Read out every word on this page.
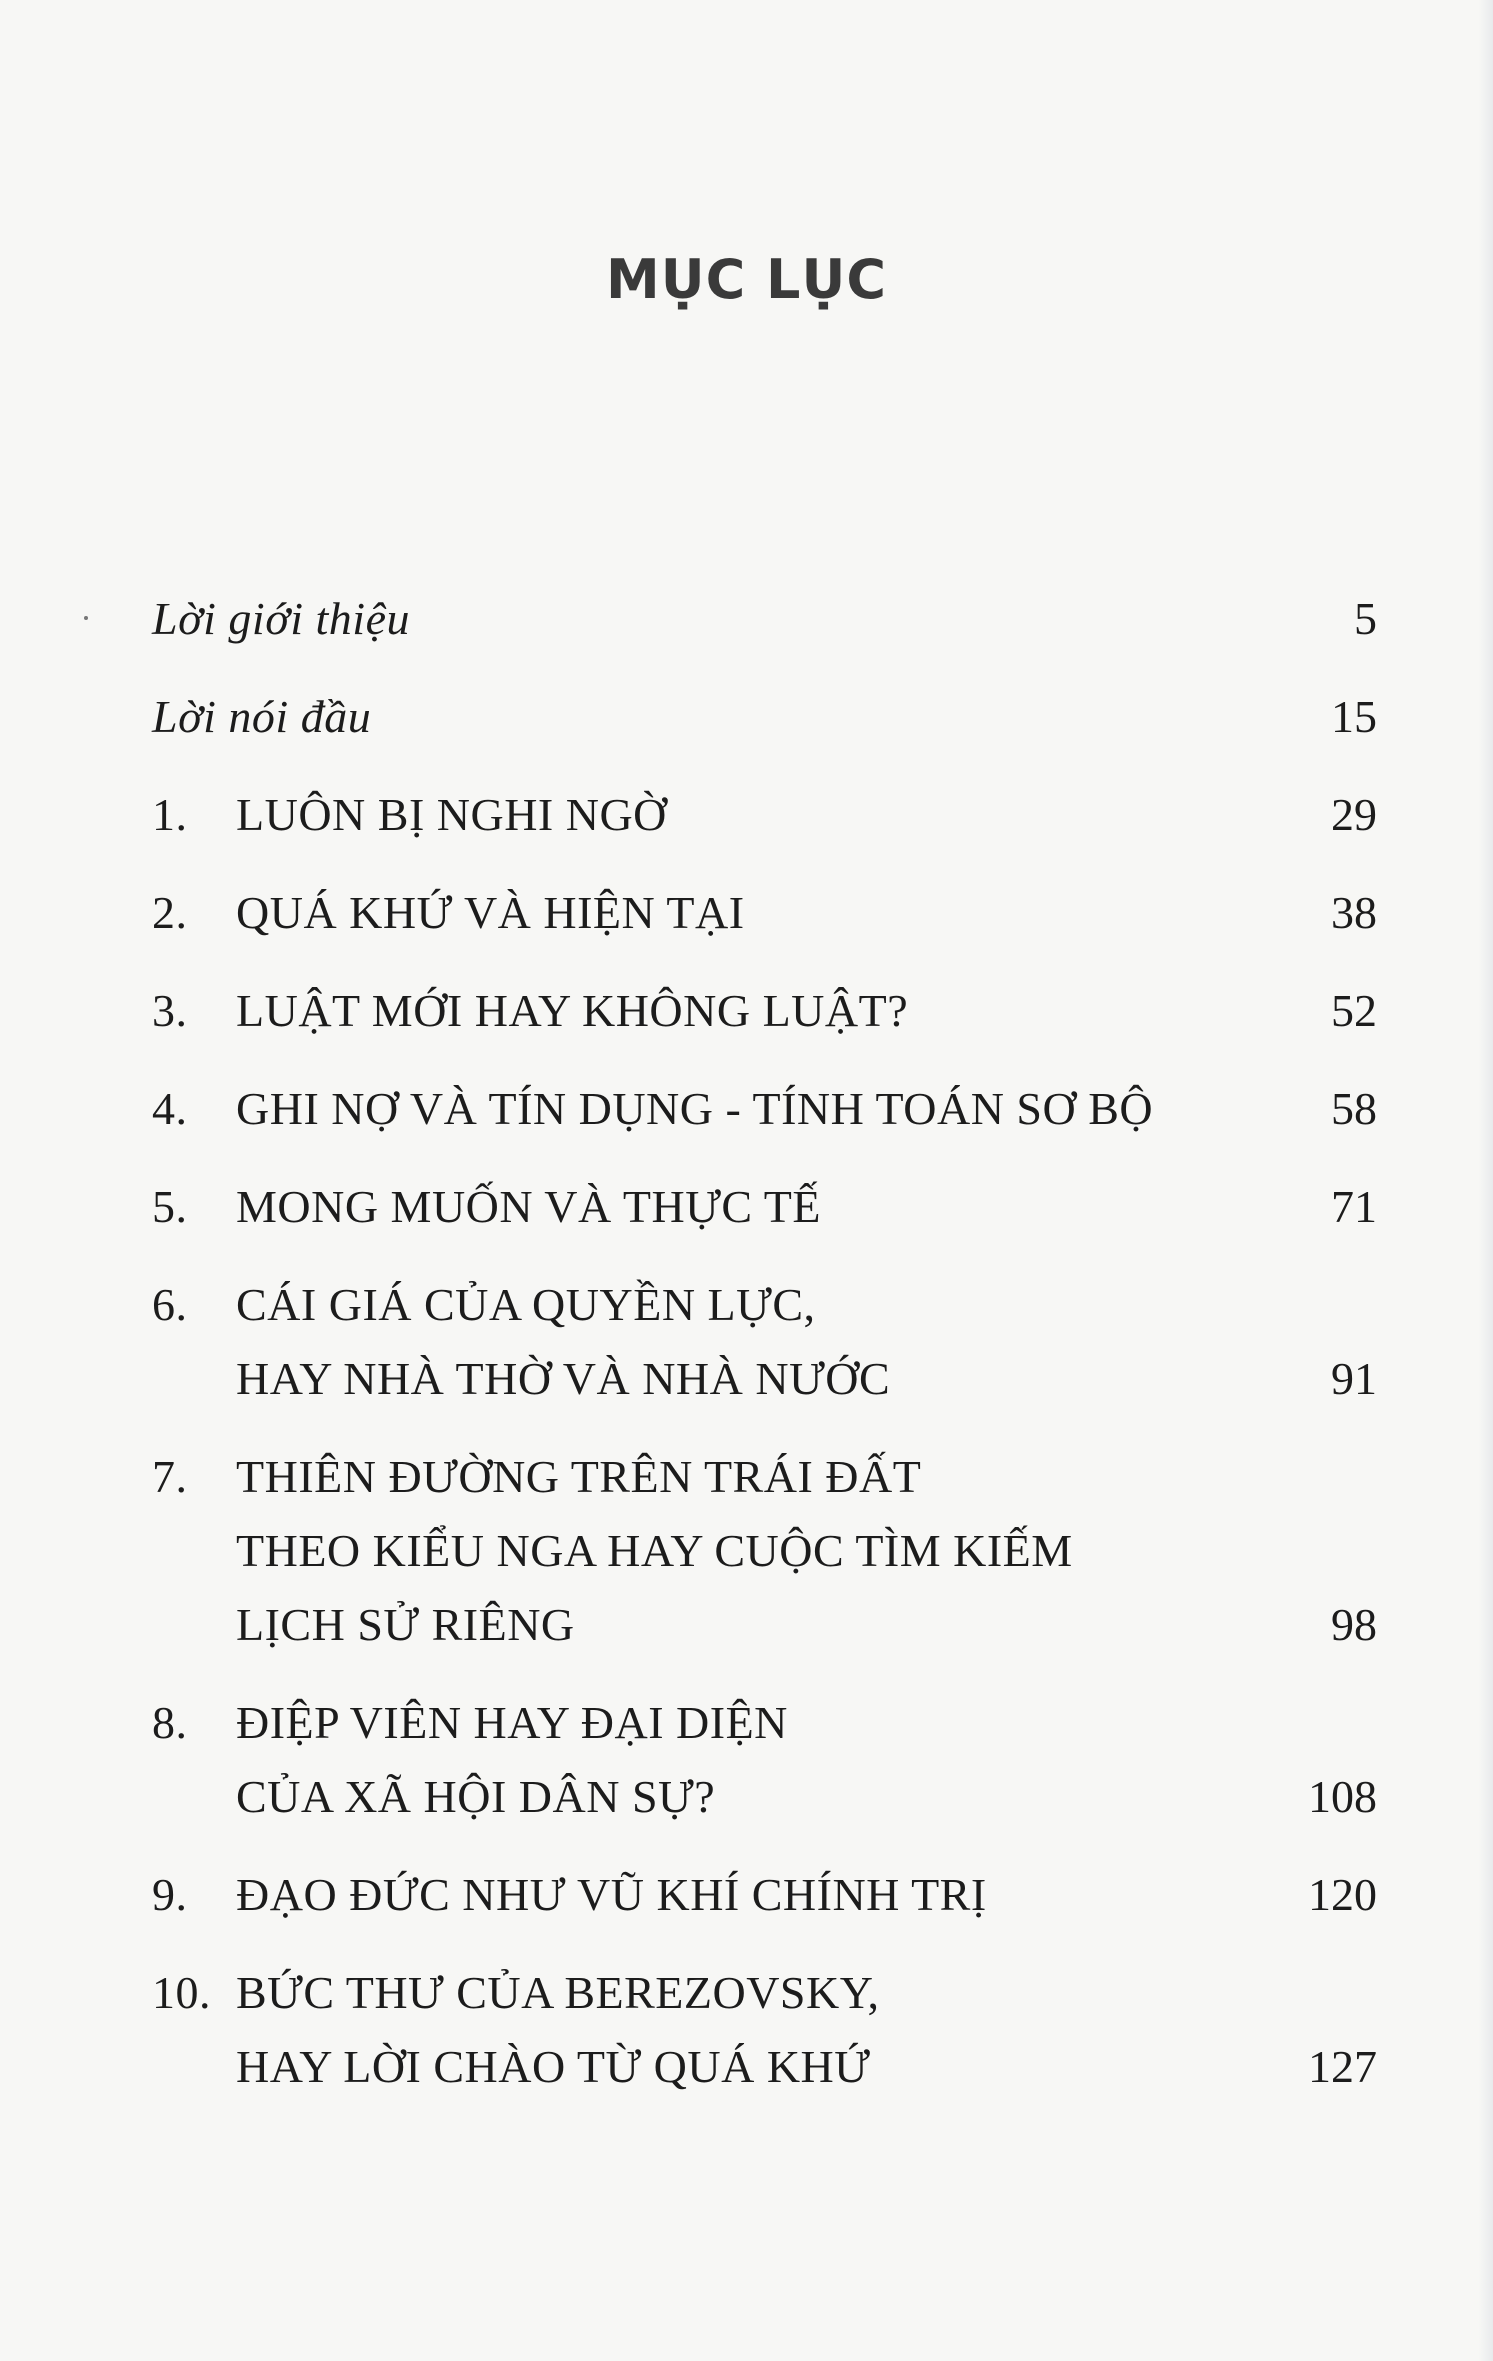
MỤC LỤC
Lời giới thiệu	5
Lời nói đầu	15
1.	LUÔN BỊ NGHI NGỜ	29
2.	QUÁ KHỨ VÀ HIỆN TẠI	38
3.	LUẬT MỚI HAY KHÔNG LUẬT?	52
4.	GHI NỢ VÀ TÍN DỤNG - TÍNH TOÁN SƠ BỘ	58
5.	MONG MUỐN VÀ THỰC TẾ	71
6.	CÁI GIÁ CỦA QUYỀN LỰC,
HAY NHÀ THỜ VÀ NHÀ NƯỚC	91
7.	THIÊN ĐƯỜNG TRÊN TRÁI ĐẤT
THEO KIỂU NGA HAY CUỘC TÌM KIẾM
LỊCH SỬ RIÊNG	98
8.	ĐIỆP VIÊN HAY ĐẠI DIỆN
CỦA XÃ HỘI DÂN SỰ?	108
9.	ĐẠO ĐỨC NHƯ VŨ KHÍ CHÍNH TRỊ	120
10. BỨC THƯ CỦA BEREZOVSKY,
HAY LỜI CHÀO TỪ QUÁ KHỨ	127
